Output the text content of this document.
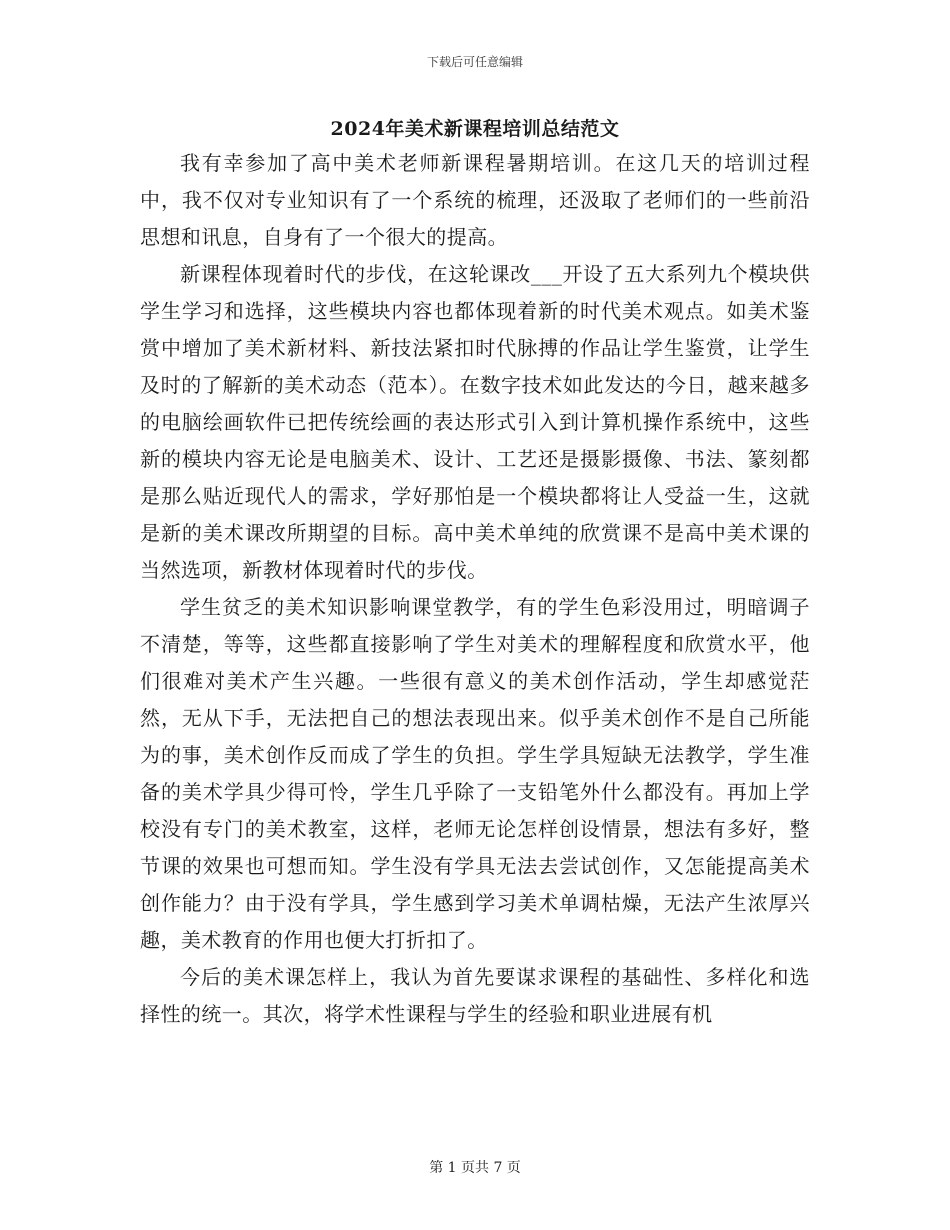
下载后可任意编辑
2024年美术新课程培训总结范文

我有幸参加了高中美术老师新课程暑期培训。在这几天的培训过程中，我不仅对专业知识有了一个系统的梳理，还汲取了老师们的一些前沿思想和讯息，自身有了一个很大的提高。

新课程体现着时代的步伐，在这轮课改___开设了五大系列九个模块供学生学习和选择，这些模块内容也都体现着新的时代美术观点。如美术鉴赏中增加了美术新材料、新技法紧扣时代脉搏的作品让学生鉴赏，让学生及时的了解新的美术动态（范本）。在数字技术如此发达的今日，越来越多的电脑绘画软件已把传统绘画的表达形式引入到计算机操作系统中，这些新的模块内容无论是电脑美术、设计、工艺还是摄影摄像、书法、篆刻都是那么贴近现代人的需求，学好那怕是一个模块都将让人受益一生，这就是新的美术课改所期望的目标。高中美术单纯的欣赏课不是高中美术课的当然选项，新教材体现着时代的步伐。

学生贫乏的美术知识影响课堂教学，有的学生色彩没用过，明暗调子不清楚，等等，这些都直接影响了学生对美术的理解程度和欣赏水平，他们很难对美术产生兴趣。一些很有意义的美术创作活动，学生却感觉茫然，无从下手，无法把自己的想法表现出来。似乎美术创作不是自己所能为的事，美术创作反而成了学生的负担。学生学具短缺无法教学，学生准备的美术学具少得可怜，学生几乎除了一支铅笔外什么都没有。再加上学校没有专门的美术教室，这样，老师无论怎样创设情景，想法有多好，整节课的效果也可想而知。学生没有学具无法去尝试创作，又怎能提高美术创作能力？由于没有学具，学生感到学习美术单调枯燥，无法产生浓厚兴趣，美术教育的作用也便大打折扣了。

今后的美术课怎样上，我认为首先要谋求课程的基础性、多样化和选择性的统一。其次，将学术性课程与学生的经验和职业进展有机

第 1 页共 7 页
